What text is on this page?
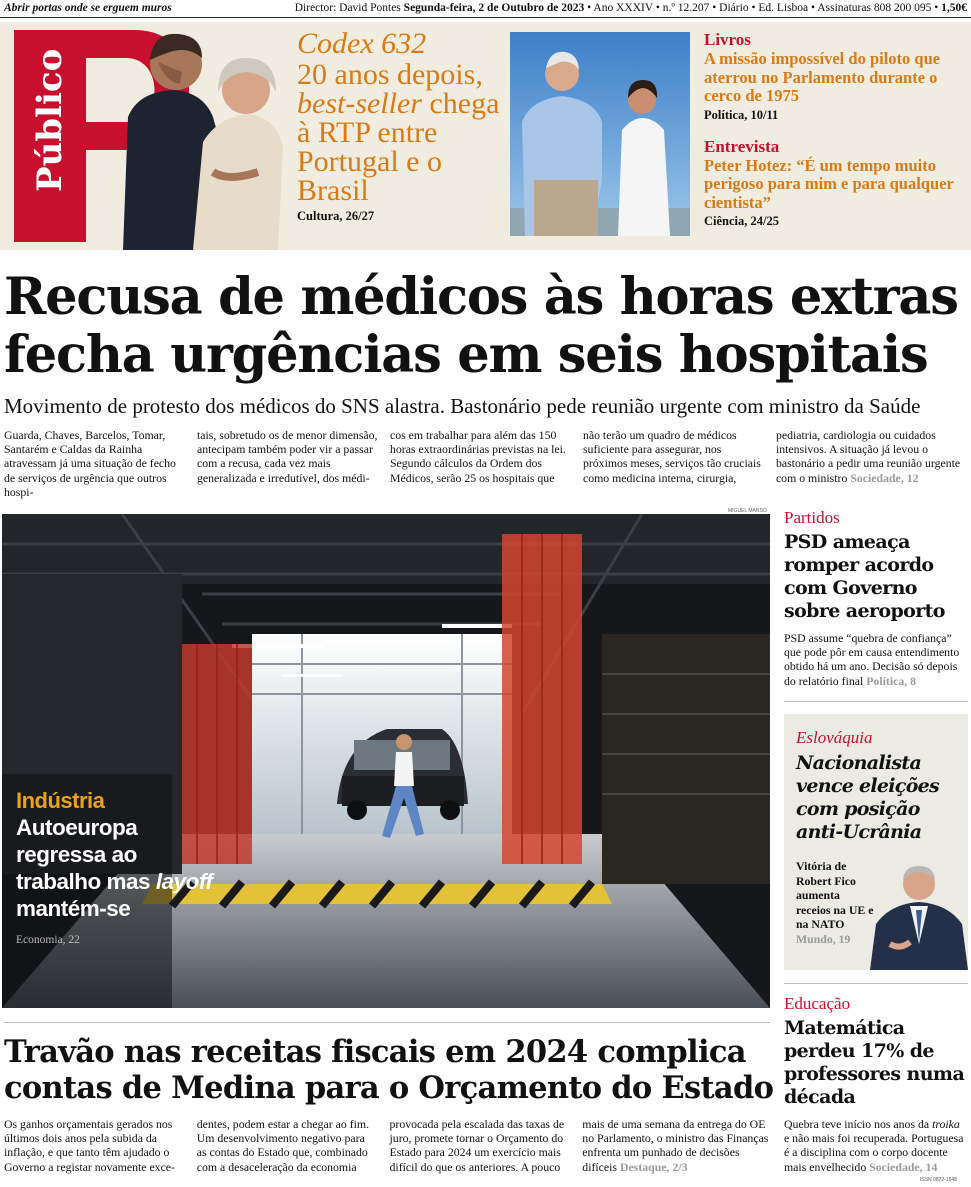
Abrir portas onde se erguem muros	Director: David Pontes Segunda-feira, 2 de Outubro de 2023 • Ano XXXIV • n.º 12.207 • Diário • Ed. Lisboa • Assinaturas 808 200 095 • 1,50€
Público
Codex 632
20 anos depois,
best-seller chega à RTP entre Portugal e o Brasil
Cultura, 26/27
Livros
A missão impossível do piloto que aterrou no Parlamento durante o cerco de 1975
Política, 10/11
Entrevista
Peter Hotez: “É um tempo muito perigoso para mim e para qualquer cientista”
Ciência, 24/25
Recusa de médicos às horas extras
fecha urgências em seis hospitais
Movimento de protesto dos médicos do SNS alastra. Bastonário pede reunião urgente com ministro da Saúde
Guarda, Chaves, Barcelos, Tomar, Santarém e Caldas da Rainha atravessam já uma situação de fecho de serviços de urgência que outros hospi-
tais, sobretudo os de menor dimensão, antecipam também poder vir a passar com a recusa, cada vez mais generalizada e irredutível, dos médi-
cos em trabalhar para além das 150 horas extraordinárias previstas na lei. Segundo cálculos da Ordem dos Médicos, serão 25 os hospitais que
não terão um quadro de médicos suficiente para assegurar, nos próximos meses, serviços tão cruciais como medicina interna, cirurgia,
pediatria, cardiologia ou cuidados intensivos. A situação já levou o bastonário a pedir uma reunião urgente com o ministro Sociedade, 12
MIGUEL MANSO
Indústria
Autoeuropa regressa ao trabalho mas layoff mantém-se
Economia, 22
Partidos
PSD ameaça romper acordo com Governo sobre aeroporto
PSD assume “quebra de confiança” que pode pôr em causa entendimento obtido há um ano. Decisão só depois do relatório final Política, 8
Eslováquia
Nacionalista vence eleições com posição anti-Ucrânia
Vitória de Robert Fico aumenta receios na UE e na NATO Mundo, 19
Educação
Matemática perdeu 17% de professores numa década
Quebra teve início nos anos da troika e não mais foi recuperada. Portuguesa é a disciplina com o corpo docente mais envelhecido Sociedade, 14
Travão nas receitas fiscais em 2024 complica
contas de Medina para o Orçamento do Estado
Os ganhos orçamentais gerados nos últimos dois anos pela subida da inflação, e que tanto têm ajudado o Governo a registar novamente exce-
dentes, podem estar a chegar ao fim. Um desenvolvimento negativo para as contas do Estado que, combinado com a desaceleração da economia
provocada pela escalada das taxas de juro, promete tornar o Orçamento do Estado para 2024 um exercício mais difícil do que os anteriores. A pouco
mais de uma semana da entrega do OE no Parlamento, o ministro das Finanças enfrenta um punhado de decisões difíceis Destaque, 2/3
ISSN 0872-1548
